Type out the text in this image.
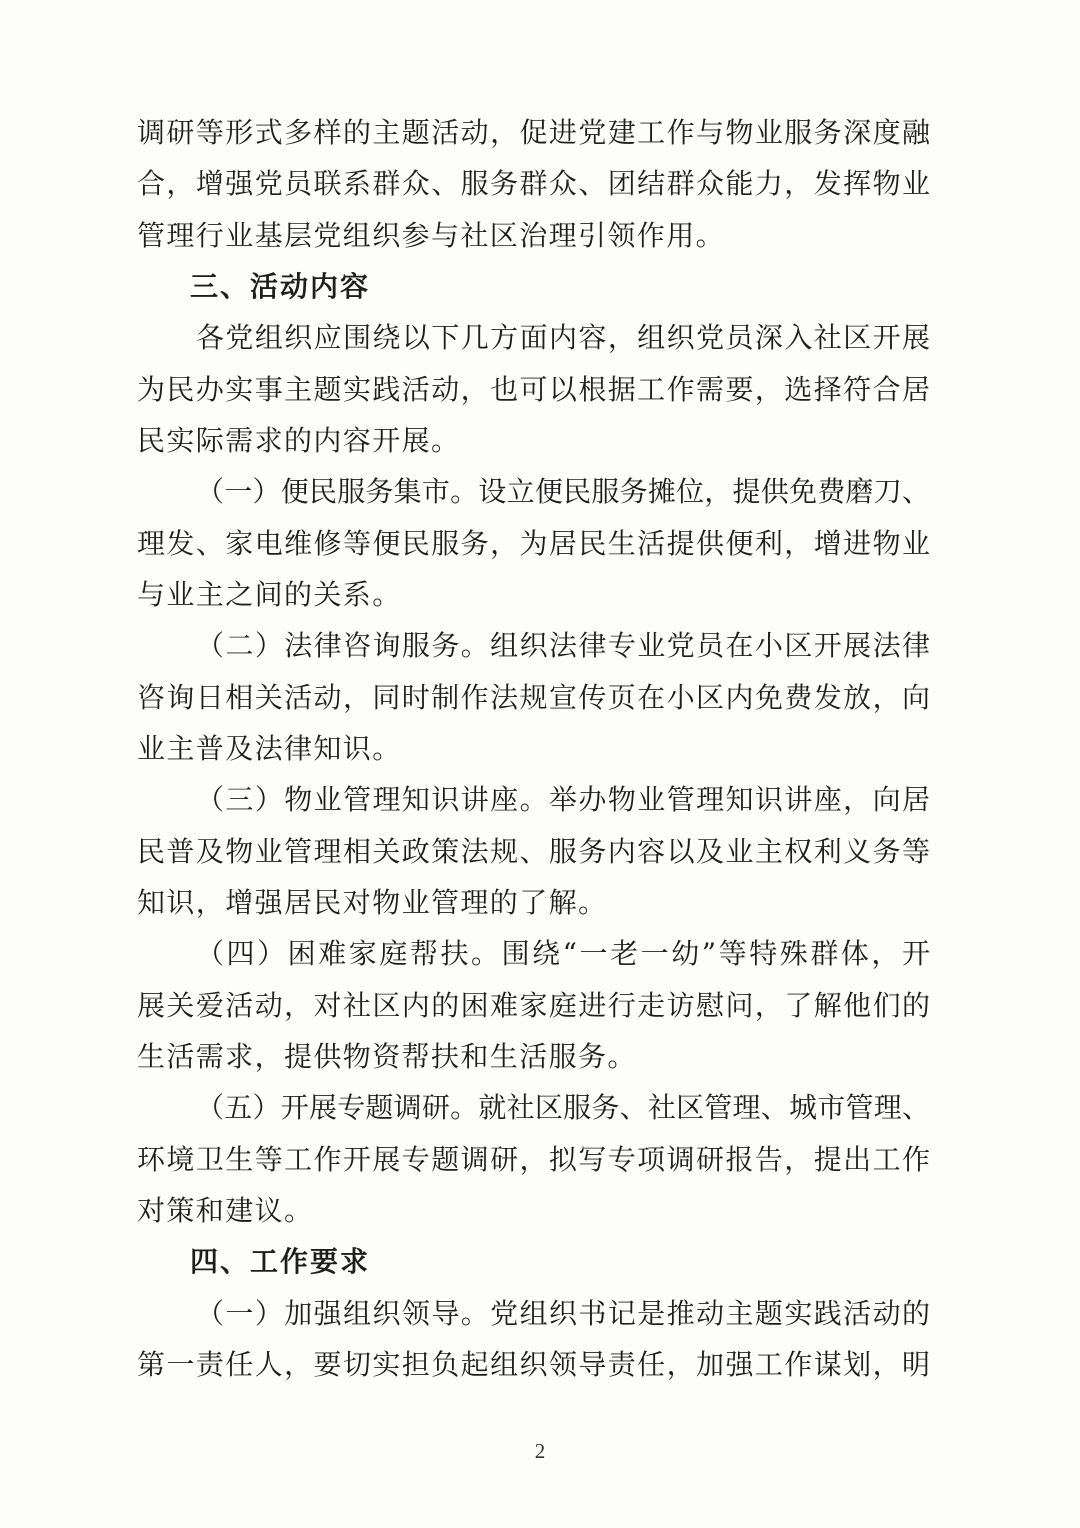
调研等形式多样的主题活动，促进党建工作与物业服务深度融
合，增强党员联系群众、服务群众、团结群众能力，发挥物业
管理行业基层党组织参与社区治理引领作用。
三、活动内容
各党组织应围绕以下几方面内容，组织党员深入社区开展
为民办实事主题实践活动，也可以根据工作需要，选择符合居
民实际需求的内容开展。
（一）便民服务集市。设立便民服务摊位，提供免费磨刀、
理发、家电维修等便民服务，为居民生活提供便利，增进物业
与业主之间的关系。
（二）法律咨询服务。组织法律专业党员在小区开展法律
咨询日相关活动，同时制作法规宣传页在小区内免费发放，向
业主普及法律知识。
（三）物业管理知识讲座。举办物业管理知识讲座，向居
民普及物业管理相关政策法规、服务内容以及业主权利义务等
知识，增强居民对物业管理的了解。
（四）困难家庭帮扶。围绕“一老一幼”等特殊群体，开
展关爱活动，对社区内的困难家庭进行走访慰问，了解他们的
生活需求，提供物资帮扶和生活服务。
（五）开展专题调研。就社区服务、社区管理、城市管理、
环境卫生等工作开展专题调研，拟写专项调研报告，提出工作
对策和建议。
四、工作要求
（一）加强组织领导。党组织书记是推动主题实践活动的
第一责任人，要切实担负起组织领导责任，加强工作谋划，明
2
